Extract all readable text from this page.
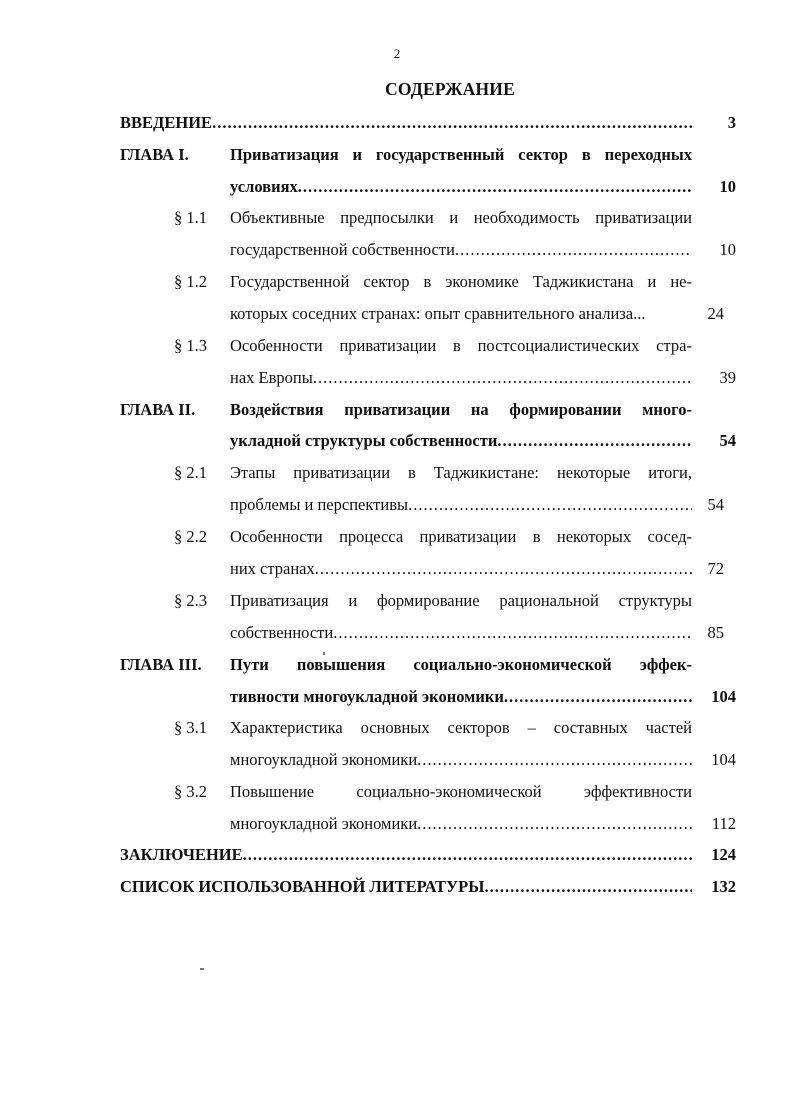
2
СОДЕРЖАНИЕ
ВВЕДЕНИЕ .....	3
ГЛАВА I. Приватизация и государственный сектор в переходных
условиях .....	10
§ 1.1 Объективные предпосылки и необходимость приватизации
государственной собственности .....	10
§ 1.2 Государственной сектор в экономике Таджикистана и не-
которых соседних странах: опыт сравнительного анализа...	24
§ 1.3 Особенности приватизации в постсоциалистических стра-
нах Европы .....	39
ГЛАВА II. Воздействия приватизации на формировании много-
укладной структуры собственности .....	54
§ 2.1 Этапы приватизации в Таджикистане: некоторые итоги,
проблемы и перспективы .....	54
§ 2.2 Особенности процесса приватизации в некоторых сосед-
них странах .....	72
§ 2.3 Приватизация и формирование рациональной структуры
собственности .....	85
ГЛАВА III. Пути повышения социально-экономической эффек-
тивности многоукладной экономики .....	104
§ 3.1 Характеристика основных секторов – составных частей
многоукладной экономики .....	104
§ 3.2 Повышение социально-экономической эффективности
многоукладной экономики .....	112
ЗАКЛЮЧЕНИЕ .....	124
СПИСОК ИСПОЛЬЗОВАННОЙ ЛИТЕРАТУРЫ .....	132
